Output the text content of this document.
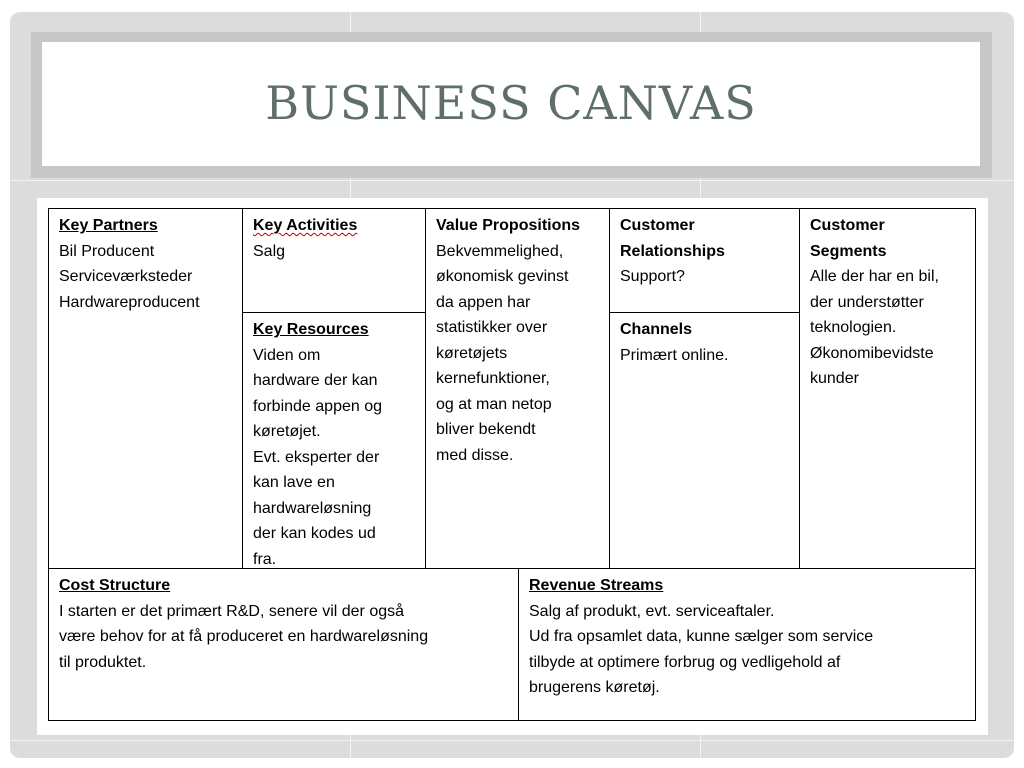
BUSINESS CANVAS
Key Partners
Bil Producent
Serviceværksteder
Hardwareproducent
Key Activities
Salg
Key Resources
Viden om
hardware der kan
forbinde appen og
køretøjet.
Evt. eksperter der
kan lave en
hardwareløsning
der kan kodes ud
fra.
Value Propositions
Bekvemmelighed,
økonomisk gevinst
da appen har
statistikker over
køretøjets
kernefunktioner,
og at man netop
bliver bekendt
med disse.
Customer
Relationships
Support?
Channels
Primært online.
Customer
Segments
Alle der har en bil,
der understøtter
teknologien.
Økonomibevidste
kunder
Cost Structure
I starten er det primært R&D, senere vil der også
være behov for at få produceret en hardwareløsning
til produktet.
Revenue Streams
Salg af produkt, evt. serviceaftaler.
Ud fra opsamlet data, kunne sælger som service
tilbyde at optimere forbrug og vedligehold af
brugerens køretøj.
